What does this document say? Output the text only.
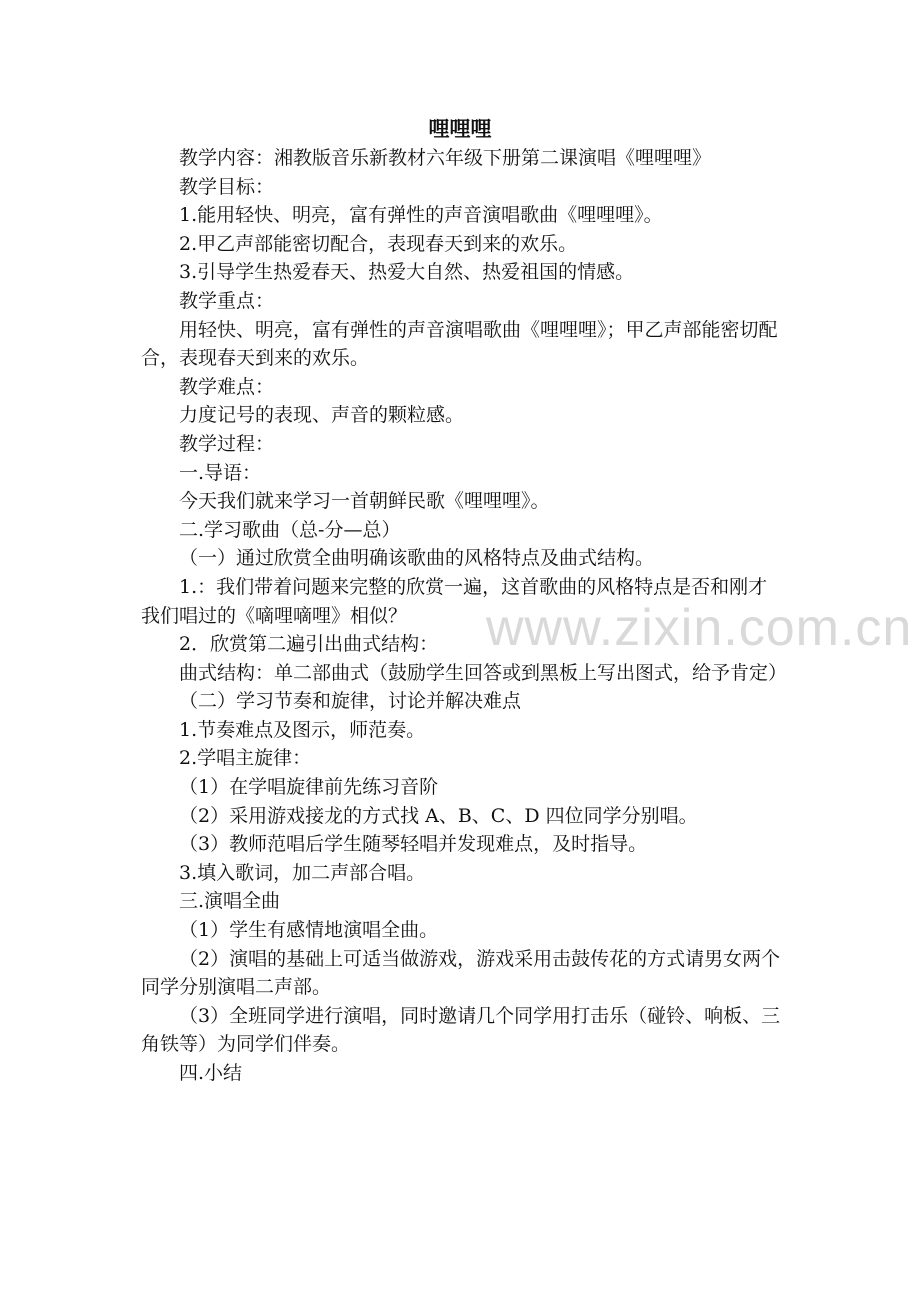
www.zixin.com.cn
哩哩哩

教学内容：湘教版音乐新教材六年级下册第二课演唱《哩哩哩》

教学目标：

1.能用轻快、明亮，富有弹性的声音演唱歌曲《哩哩哩》。

2.甲乙声部能密切配合，表现春天到来的欢乐。

3.引导学生热爱春天、热爱大自然、热爱祖国的情感。

教学重点：

用轻快、明亮，富有弹性的声音演唱歌曲《哩哩哩》；甲乙声部能密切配合，表现春天到来的欢乐。

教学难点：

力度记号的表现、声音的颗粒感。

教学过程：

一.导语：

今天我们就来学习一首朝鲜民歌《哩哩哩》。

二.学习歌曲（总-分—总）

（一）通过欣赏全曲明确该歌曲的风格特点及曲式结构。

1.：我们带着问题来完整的欣赏一遍，这首歌曲的风格特点是否和刚才我们唱过的《嘀哩嘀哩》相似？

2．欣赏第二遍引出曲式结构：

曲式结构：单二部曲式（鼓励学生回答或到黑板上写出图式，给予肯定）

（二）学习节奏和旋律，讨论并解决难点

1.节奏难点及图示，师范奏。

2.学唱主旋律：

（1）在学唱旋律前先练习音阶

（2）采用游戏接龙的方式找 A、B、C、D 四位同学分别唱。

（3）教师范唱后学生随琴轻唱并发现难点，及时指导。

3.填入歌词，加二声部合唱。

三.演唱全曲

（1）学生有感情地演唱全曲。

（2）演唱的基础上可适当做游戏，游戏采用击鼓传花的方式请男女两个同学分别演唱二声部。

（3）全班同学进行演唱，同时邀请几个同学用打击乐（碰铃、响板、三角铁等）为同学们伴奏。

四.小结
